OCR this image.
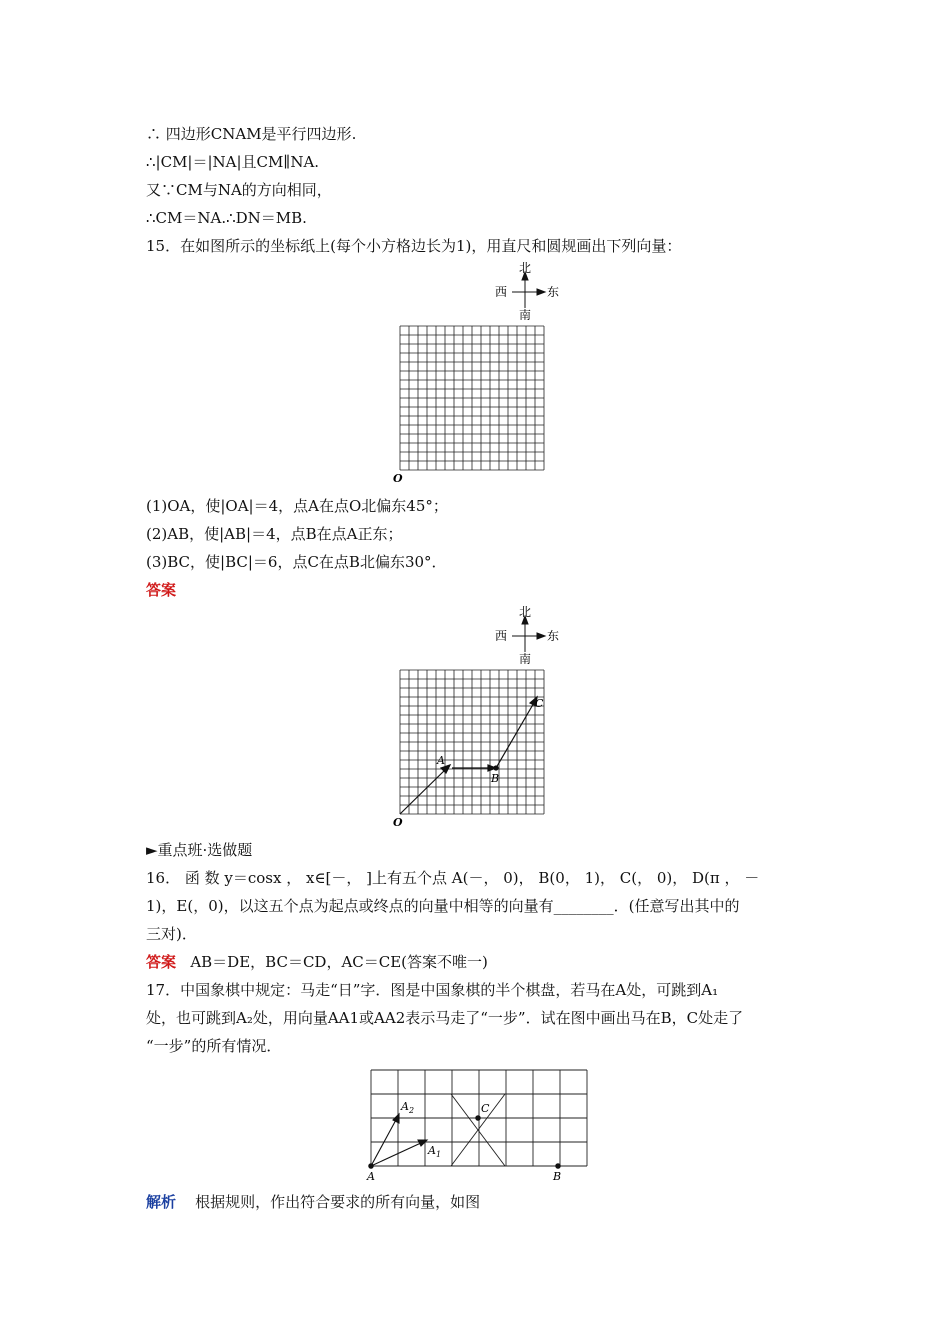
∴ 四边形CNAM是平行四边形.
∴|CM|＝|NA|且CM∥NA.
又∵CM与NA的方向相同，
∴CM＝NA.∴DN＝MB.
15．在如图所示的坐标纸上(每个小方格边长为1)，用直尺和圆规画出下列向量：
北
西	东
南
O
(1)OA，使|OA|＝4，点A在点O北偏东45°；
(2)AB，使|AB|＝4，点B在点A正东；
(3)BC，使|BC|＝6，点C在点B北偏东30°．
答案
北
西	东
南
A
B
C
O
►重点班·选做题
16． 函 数 y＝cosx ， x∈[－， ]上有五个点 A(－， 0)， B(0， 1)， C(， 0)， D(π ， －
1)，E(，0)，以这五个点为起点或终点的向量中相等的向量有________．(任意写出其中的
三对)．
答案 AB＝DE，BC＝CD，AC＝CE(答案不唯一)
17．中国象棋中规定：马走“日”字．图是中国象棋的半个棋盘，若马在A处，可跳到A₁
处，也可跳到A₂处，用向量AA1或AA2表示马走了“一步”．试在图中画出马在B，C处走了
“一步”的所有情况．
A	B
C
$A_2$
$A_1$
解析 根据规则，作出符合要求的所有向量，如图
